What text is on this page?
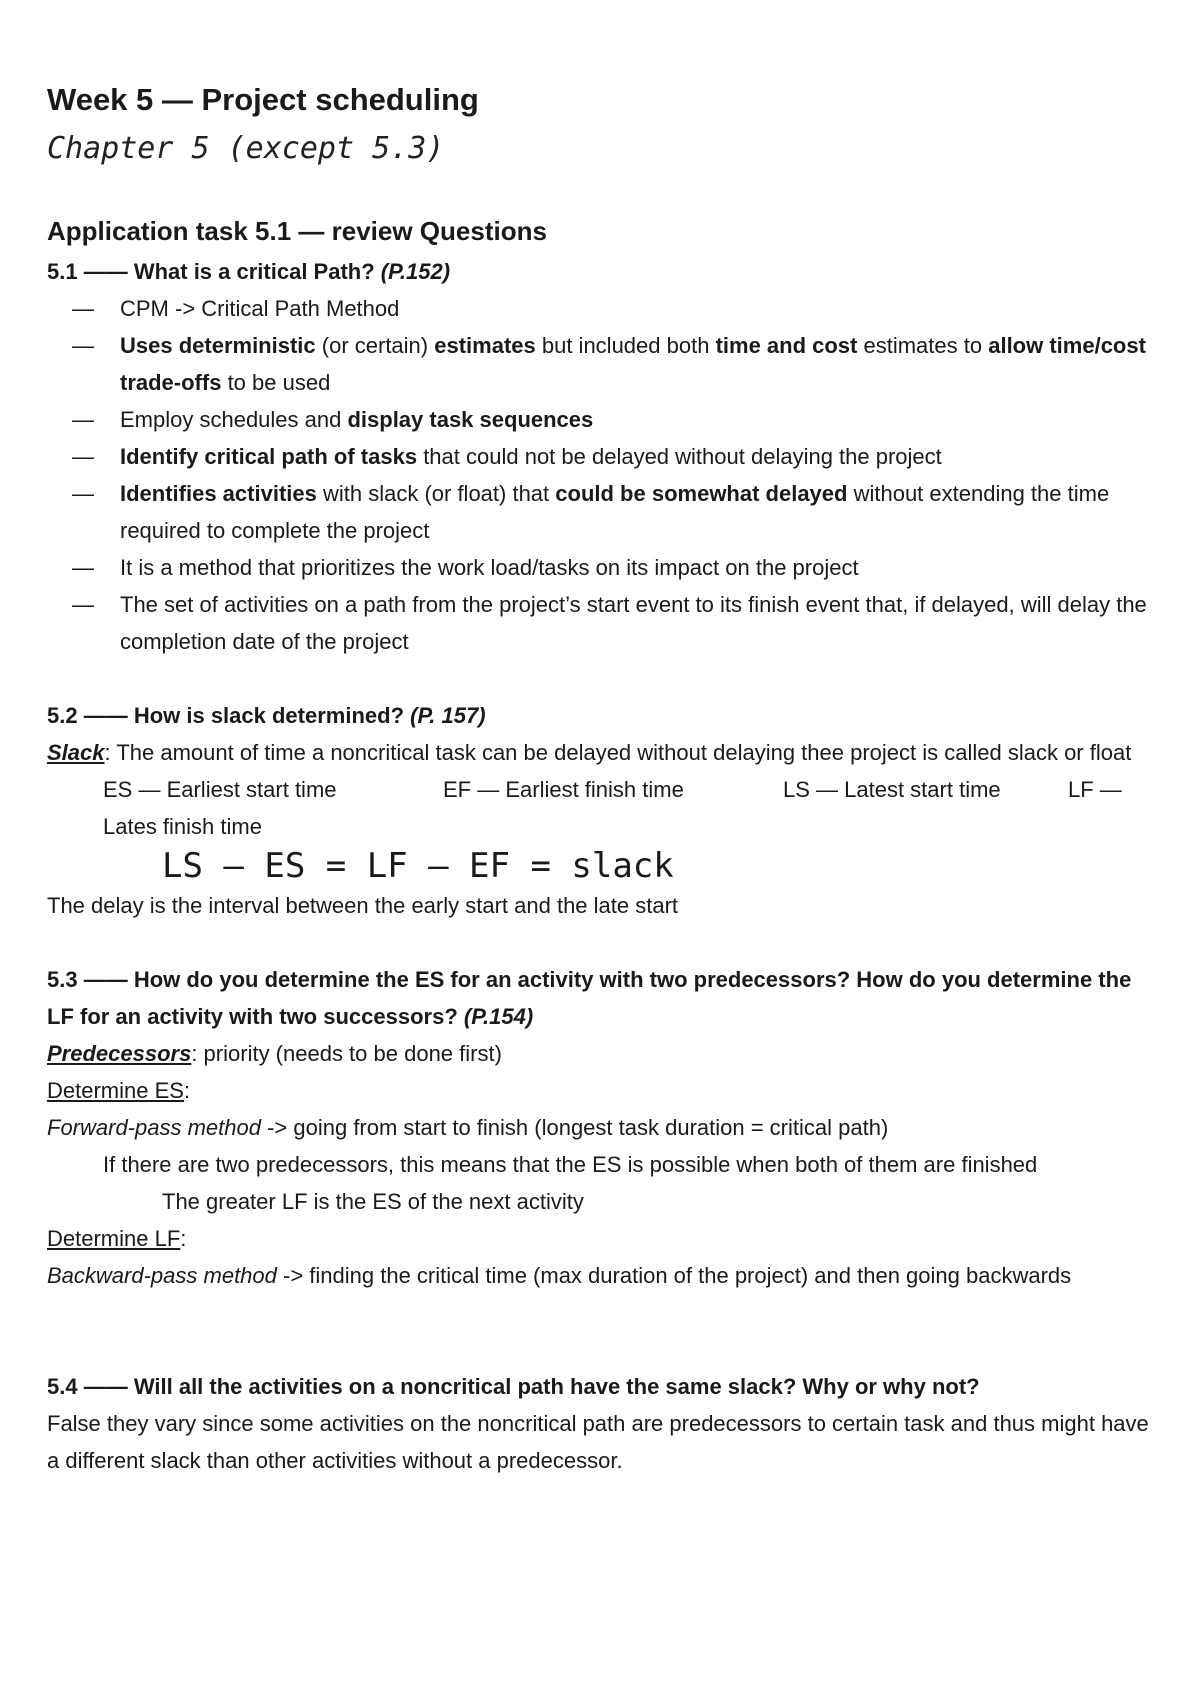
Week 5 — Project scheduling
Chapter 5 (except 5.3)
Application task 5.1 — review Questions

5.1 —— What is a critical Path? (P.152)

— CPM -> Critical Path Method
— Uses deterministic (or certain) estimates but included both time and cost estimates to allow time/cost trade-offs to be used
— Employ schedules and display task sequences
— Identify critical path of tasks that could not be delayed without delaying the project
— Identifies activities with slack (or float) that could be somewhat delayed without extending the time required to complete the project
— It is a method that prioritizes the work load/tasks on its impact on the project
— The set of activities on a path from the project’s start event to its finish event that, if delayed, will delay the completion date of the project

5.2 —— How is slack determined? (P. 157)

Slack: The amount of time a noncritical task can be delayed without delaying thee project is called slack or float

ES — Earliest start time	EF — Earliest finish time	LS — Latest start time	LF — Lates finish time

LS – ES = LF – EF = slack

The delay is the interval between the early start and the late start

5.3 —— How do you determine the ES for an activity with two predecessors? How do you determine the LF for an activity with two successors? (P.154)

Predecessors: priority (needs to be done first)

Determine ES:

Forward-pass method -> going from start to finish (longest task duration = critical path)

If there are two predecessors, this means that the ES is possible when both of them are finished

The greater LF is the ES of the next activity

Determine LF:

Backward-pass method -> finding the critical time (max duration of the project) and then going backwards

5.4 —— Will all the activities on a noncritical path have the same slack? Why or why not?

False they vary since some activities on the noncritical path are predecessors to certain task and thus might have a different slack than other activities without a predecessor.
